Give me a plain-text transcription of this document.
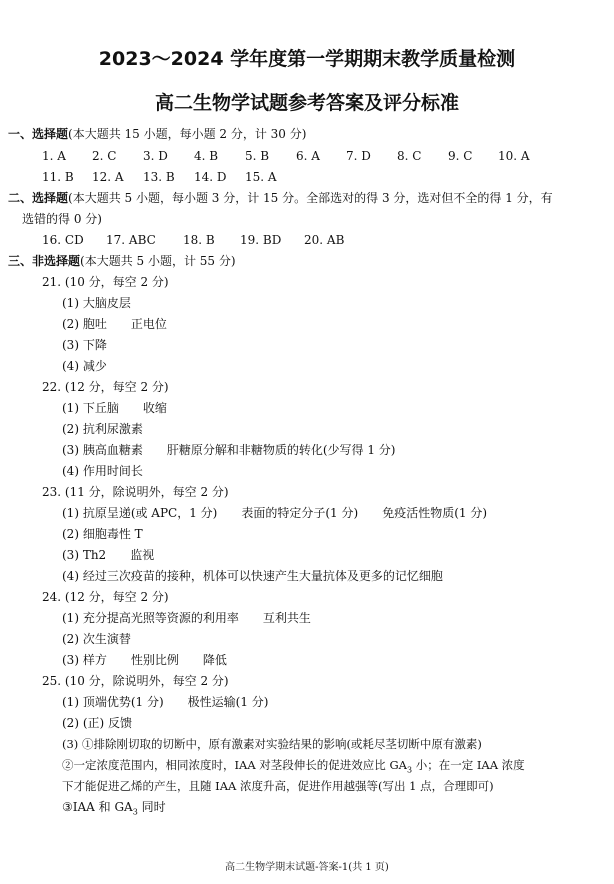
2023～2024 学年度第一学期期末教学质量检测
高二生物学试题参考答案及评分标准
一、选择题(本大题共 15 小题，每小题 2 分，计 30 分)
1. A 2. C 3. D 4. B 5. B 6. A 7. D 8. C 9. C 10. A
11. B 12. A 13. B 14. D 15. A
二、选择题(本大题共 5 小题，每小题 3 分，计 15 分。全部选对的得 3 分，选对但不全的得 1 分，有
选错的得 0 分)
16. CD 17. ABC 18. B 19. BD 20. AB
三、非选择题(本大题共 5 小题，计 55 分)
21. (10 分，每空 2 分)
(1) 大脑皮层
(2) 胞吐 正电位
(3) 下降
(4) 减少
22. (12 分，每空 2 分)
(1) 下丘脑 收缩
(2) 抗利尿激素
(3) 胰高血糖素 肝糖原分解和非糖物质的转化(少写得 1 分)
(4) 作用时间长
23. (11 分，除说明外，每空 2 分)
(1) 抗原呈递(或 APC，1 分) 表面的特定分子(1 分) 免疫活性物质(1 分)
(2) 细胞毒性 T
(3) Th2 监视
(4) 经过三次疫苗的接种，机体可以快速产生大量抗体及更多的记忆细胞
24. (12 分，每空 2 分)
(1) 充分提高光照等资源的利用率 互利共生
(2) 次生演替
(3) 样方 性别比例 降低
25. (10 分，除说明外，每空 2 分)
(1) 顶端优势(1 分) 极性运输(1 分)
(2) (正) 反馈
(3) ①排除刚切取的切断中，原有激素对实验结果的影响(或耗尽茎切断中原有激素)
②一定浓度范围内，相同浓度时，IAA 对茎段伸长的促进效应比 $GA_3$ 小；在一定 IAA 浓度
下才能促进乙烯的产生，且随 IAA 浓度升高，促进作用越强等(写出 1 点，合理即可)
③IAA 和 $GA_3$ 同时
高二生物学期末试题-答案-1(共 1 页)
